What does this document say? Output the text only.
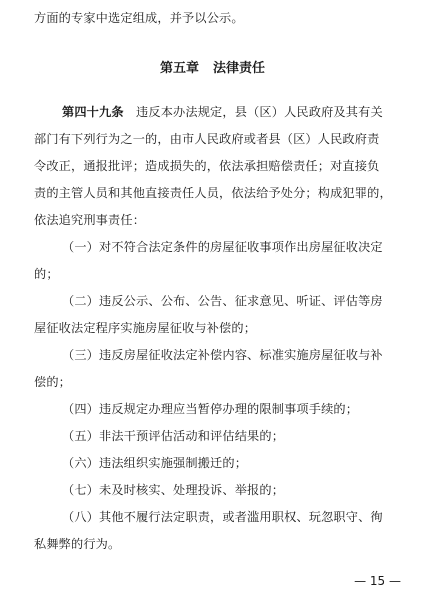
方面的专家中选定组成，并予以公示。
第五章 法律责任
第四十九条  违反本办法规定，县（区）人民政府及其有关
部门有下列行为之一的，由市人民政府或者县（区）人民政府责
令改正，通报批评；造成损失的，依法承担赔偿责任；对直接负
责的主管人员和其他直接责任人员，依法给予处分；构成犯罪的，
依法追究刑事责任：
（一）对不符合法定条件的房屋征收事项作出房屋征收决定
的；
（二）违反公示、公布、公告、征求意见、听证、评估等房
屋征收法定程序实施房屋征收与补偿的；
（三）违反房屋征收法定补偿内容、标准实施房屋征收与补
偿的；
（四）违反规定办理应当暂停办理的限制事项手续的；
（五）非法干预评估活动和评估结果的；
（六）违法组织实施强制搬迁的；
（七）未及时核实、处理投诉、举报的；
（八）其他不履行法定职责，或者滥用职权、玩忽职守、徇
私舞弊的行为。
— 15 —
